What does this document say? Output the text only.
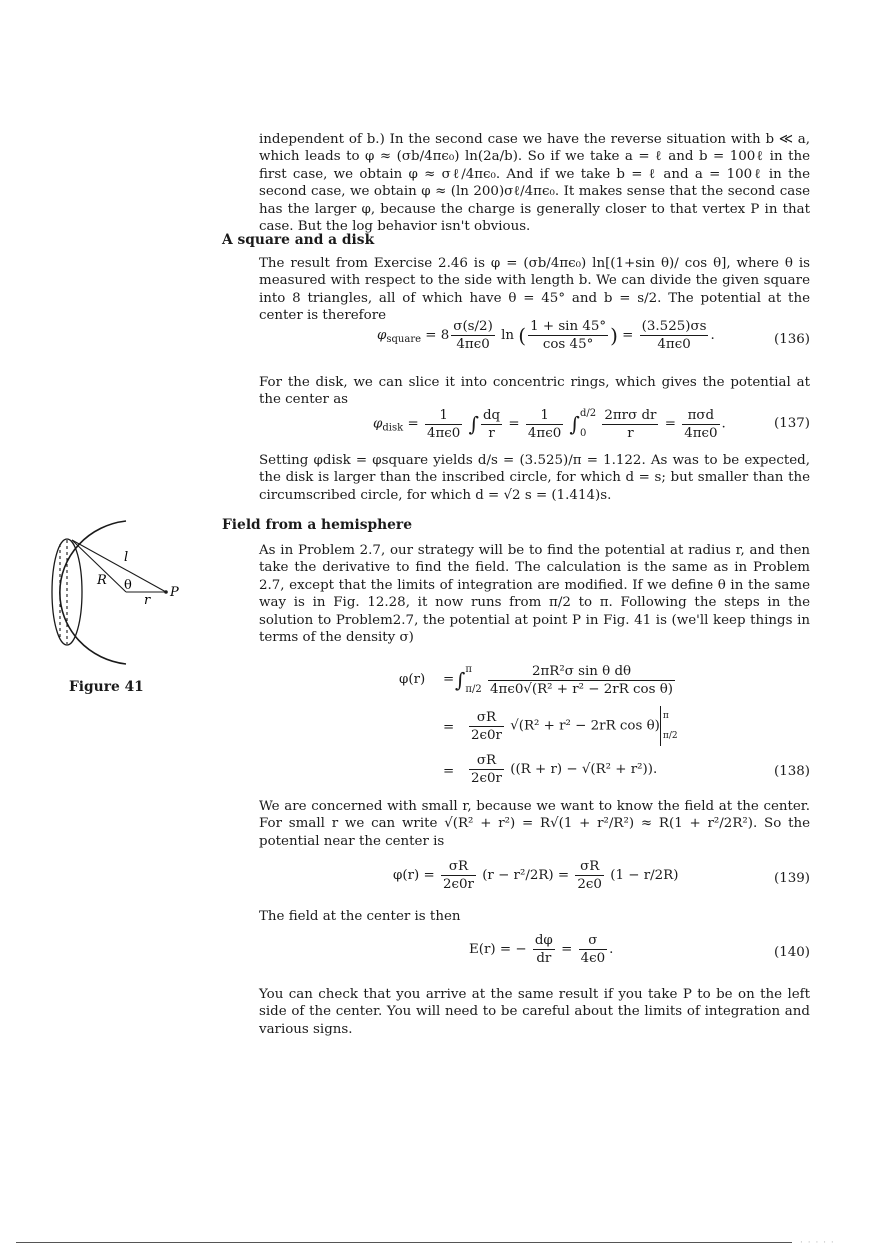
independent of b.) In the second case we have the reverse situation with b ≪ a, which leads to φ ≈ (σb/4πϵ₀) ln(2a/b). So if we take a = ℓ and b = 100ℓ in the first case, we obtain φ ≈ σℓ/4πϵ₀. And if we take b = ℓ and a = 100ℓ in the second case, we obtain φ ≈ (ln 200)σℓ/4πϵ₀. It makes sense that the second case has the larger φ, because the charge is generally closer to that vertex P in that case. But the log behavior isn't obvious.
A square and a disk
The result from Exercise 2.46 is φ = (σb/4πϵ₀) ln[(1+sin θ)/ cos θ], where θ is measured with respect to the side with length b. We can divide the given square into 8 triangles, all of which have θ = 45° and b = s/2. The potential at the center is therefore
$\varphi_{square} = 8 \frac{\sigma(s/2)}{4\pi\epsilon 0}$ ln ( $\frac{1 + \sin 45^\circ}{\cos 45^\circ}$ ) = $\frac{(3.525)\sigma s}{4\pi\epsilon 0}$ .	(136)
For the disk, we can slice it into concentric rings, which gives the potential at the center as
$\varphi_{disk} = \frac{1}{4\pi\epsilon 0}$ ∫ $\frac{dq}{r} = \frac{1}{4\pi\epsilon 0}$ ∫ d/2
0
	$\frac{\text{2πrσ dr}}{r} = \frac{\text{πσd}}{4\pi\epsilon 0}$ .	(137)
Setting φdisk = φsquare yields d/s = (3.525)/π = 1.122. As was to be expected, the disk is larger than the inscribed circle, for which d = s; but smaller than the circumscribed circle, for which d = √2 s = (1.414)s.
Field from a hemisphere
As in Problem 2.7, our strategy will be to find the potential at radius r, and then take the derivative to find the field. The calculation is the same as in Problem 2.7, except that the limits of integration are modified. If we define θ in the same way is in Fig. 12.28, it now runs from π/2 to π. Following the steps in the solution to Problem2.7, the potential at point P in Fig. 41 is (we'll keep things in terms of the density σ)
l
R θ
r
P
Figure 41	φ(r) = ∫ π
π/2
$\frac{\text{2πR²σ sin θ dθ}}{\text{4πϵ0√(R² + r² − 2rR cos θ)}}$
= $\frac{\sigma R}{2\epsilon 0r} √(R^2 + r^2 - 2rR$ cos θ)
π
π/2
= $\frac{\sigma R}{2\epsilon 0r} ((R + r) - √(R^2 + r^2))$.	(138)
We are concerned with small r, because we want to know the field at the center. For small r we can write √(R² + r²) = R√(1 + r²/R²) ≈ R(1 + r²/2R²). So the potential near the center is
$\varphi(r) = \frac{\sigma R}{2\epsilon 0r} (r - r^2/2R) = \frac{\sigma R}{2\epsilon 0} (1 - r/2R)$	(139)
The field at the center is then
E(r) = − $\frac{d\varphi}{dr} = \frac{\sigma}{4\epsilon 0}$ .	(140)
You can check that you arrive at the same result if you take P to be on the left side of the center. You will need to be careful about the limits of integration and various signs.
· · · · ·
